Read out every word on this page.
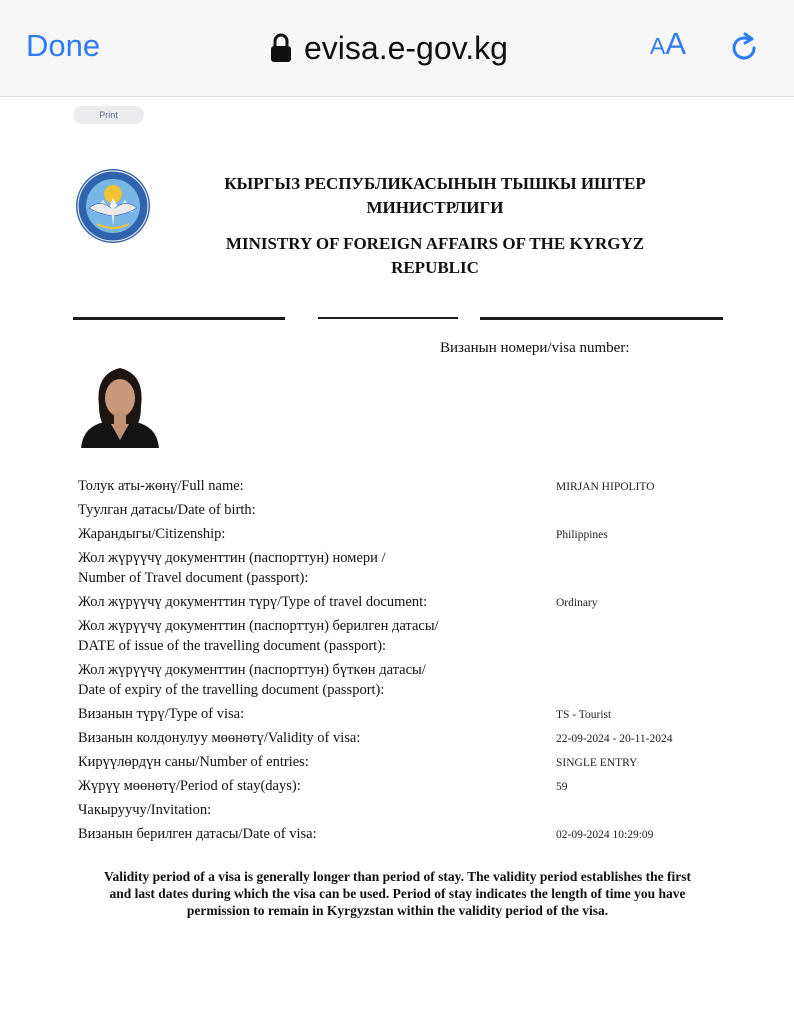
Done	evisa.e-gov.kg	AA
Print
КЫРГЫЗ РЕСПУБЛИКАСЫНЫН ТЫШКЫ ИШТЕР МИНИСТРЛИГИ
MINISTRY OF FOREIGN AFFAIRS OF THE KYRGYZ REPUBLIC
Визанын номери/visa number:
Толук аты-жөнү/Full name:	MIRJAN HIPOLITO
Туулган датасы/Date of birth:
Жарандыгы/Citizenship:	Philippines
Жол жүрүүчү документтин (паспорттун) номери /
Number of Travel document (passport):
Жол жүрүүчү документтин түрү/Type of travel document:	Ordinary
Жол жүрүүчү документтин (паспорттун) берилген датасы/
DATE of issue of the travelling document (passport):
Жол жүрүүчү документтин (паспорттун) бүткөн датасы/
Date of expiry of the travelling document (passport):
Визанын түрү/Type of visa:	TS - Tourist
Визанын колдонулуу мөөнөтү/Validity of visa:	22-09-2024 - 20-11-2024
Кирүүлөрдүн саны/Number of entries:	SINGLE ENTRY
Жүрүү мөөнөтү/Period of stay(days):	59
Чакыруучу/Invitation:
Визанын берилген датасы/Date of visa:	02-09-2024 10:29:09
Validity period of a visa is generally longer than period of stay. The validity period establishes the first and last dates during which the visa can be used. Period of stay indicates the length of time you have permission to remain in Kyrgyzstan within the validity period of the visa.
